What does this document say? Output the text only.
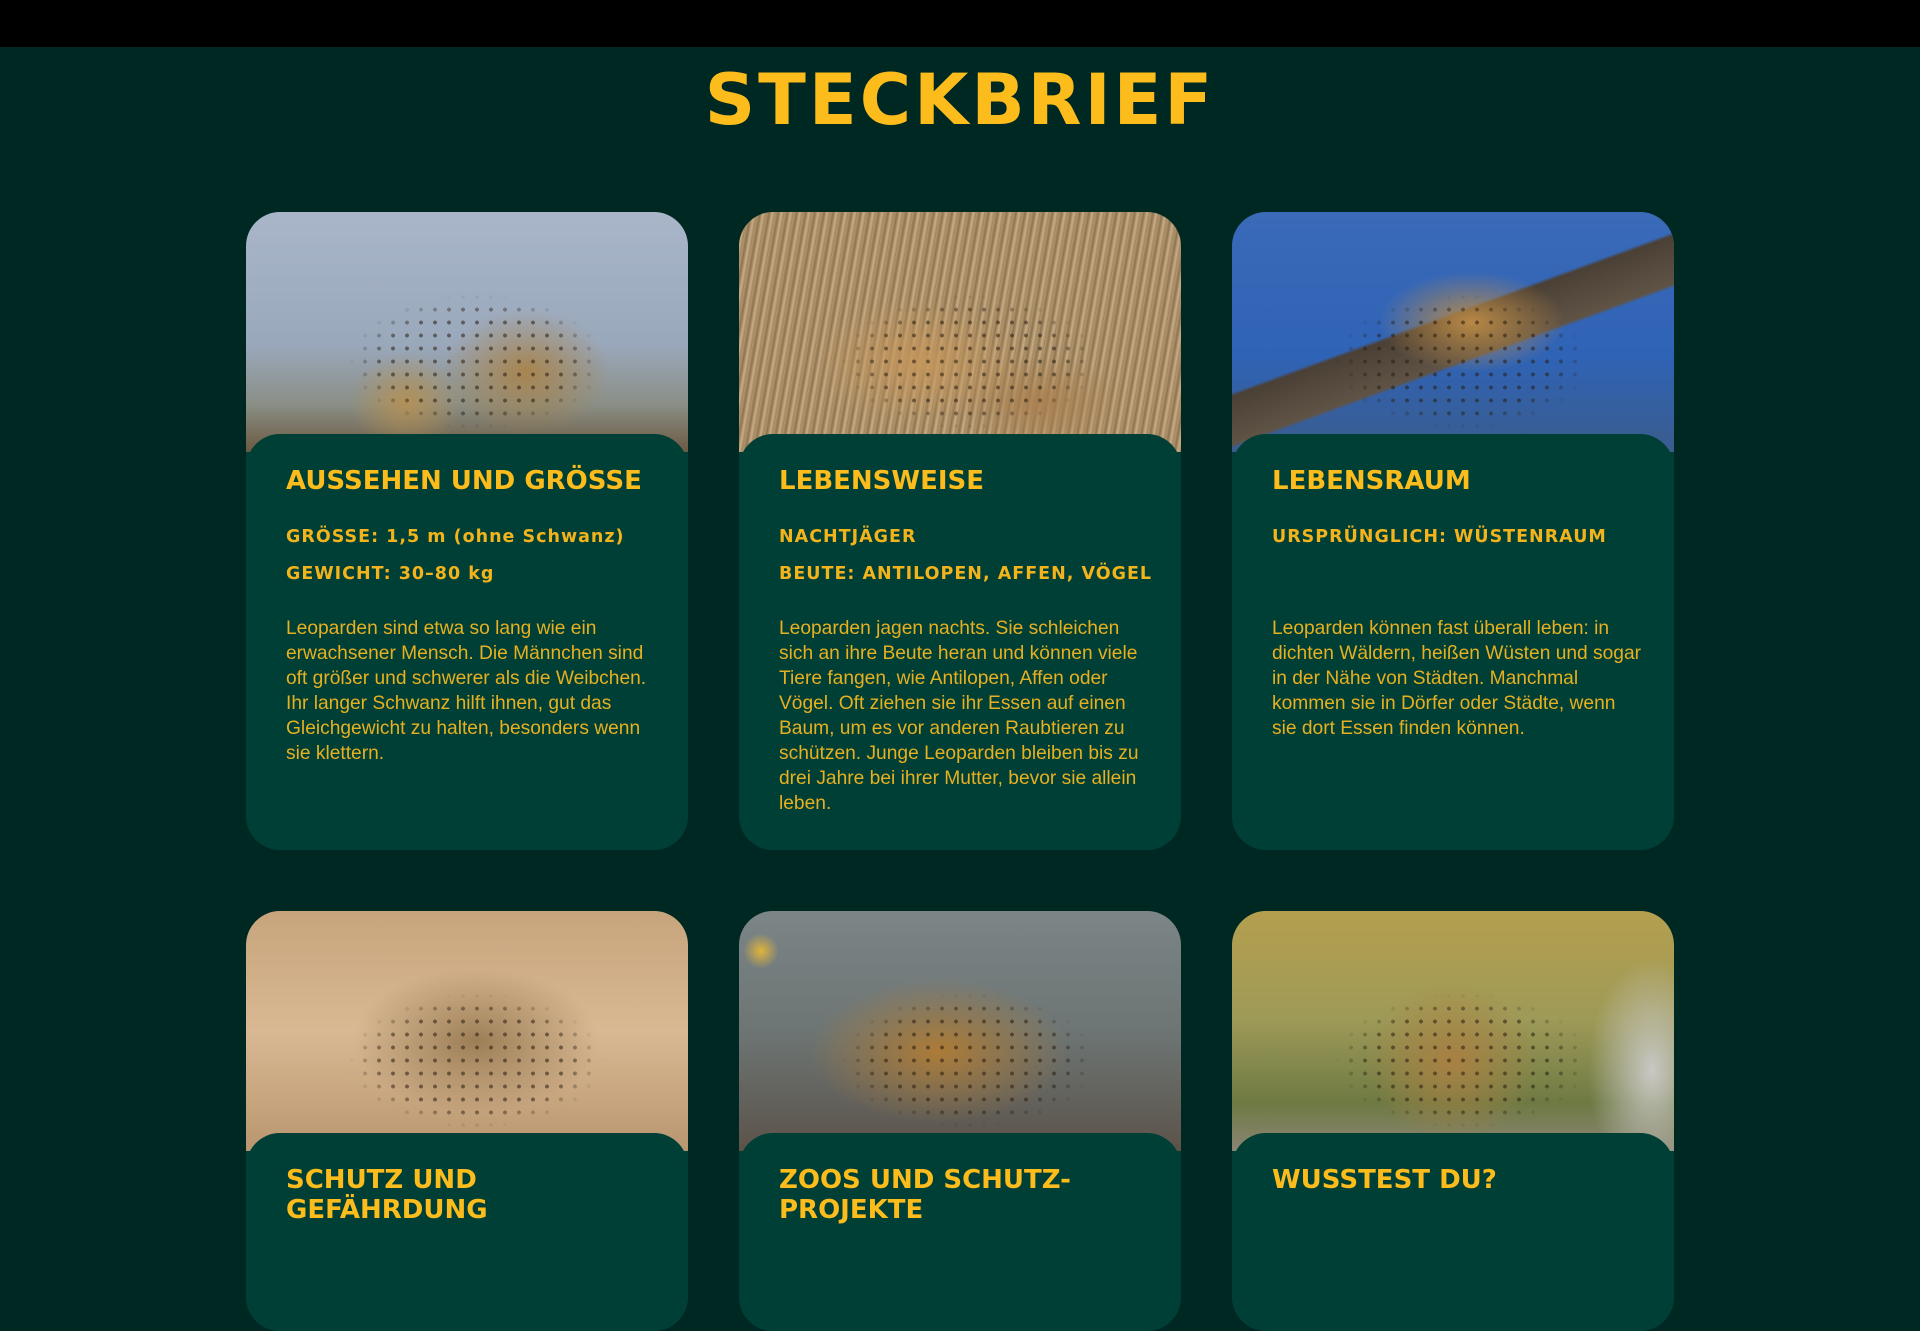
STECKBRIEF
AUSSEHEN UND GRÖSSE
GRÖSSE: 1,5 m (ohne Schwanz)
GEWICHT: 30–80 kg
Leoparden sind etwa so lang wie ein erwachsener Mensch. Die Männchen sind oft größer und schwerer als die Weibchen. Ihr langer Schwanz hilft ihnen, gut das Gleichgewicht zu halten, besonders wenn sie klettern.
LEBENSWEISE
NACHTJÄGER
BEUTE: ANTILOPEN, AFFEN, VÖGEL
Leoparden jagen nachts. Sie schleichen sich an ihre Beute heran und können viele Tiere fangen, wie Antilopen, Affen oder Vögel. Oft ziehen sie ihr Essen auf einen Baum, um es vor anderen Raubtieren zu schützen. Junge Leoparden bleiben bis zu drei Jahre bei ihrer Mutter, bevor sie allein leben.
LEBENSRAUM
URSPRÜNGLICH: WÜSTENRAUM
Leoparden können fast überall leben: in dichten Wäldern, heißen Wüsten und sogar in der Nähe von Städten. Manchmal kommen sie in Dörfer oder Städte, wenn sie dort Essen finden können.
SCHUTZ UND GEFÄHRDUNG
ZOOS UND SCHUTZ-PROJEKTE
WUSSTEST DU?
